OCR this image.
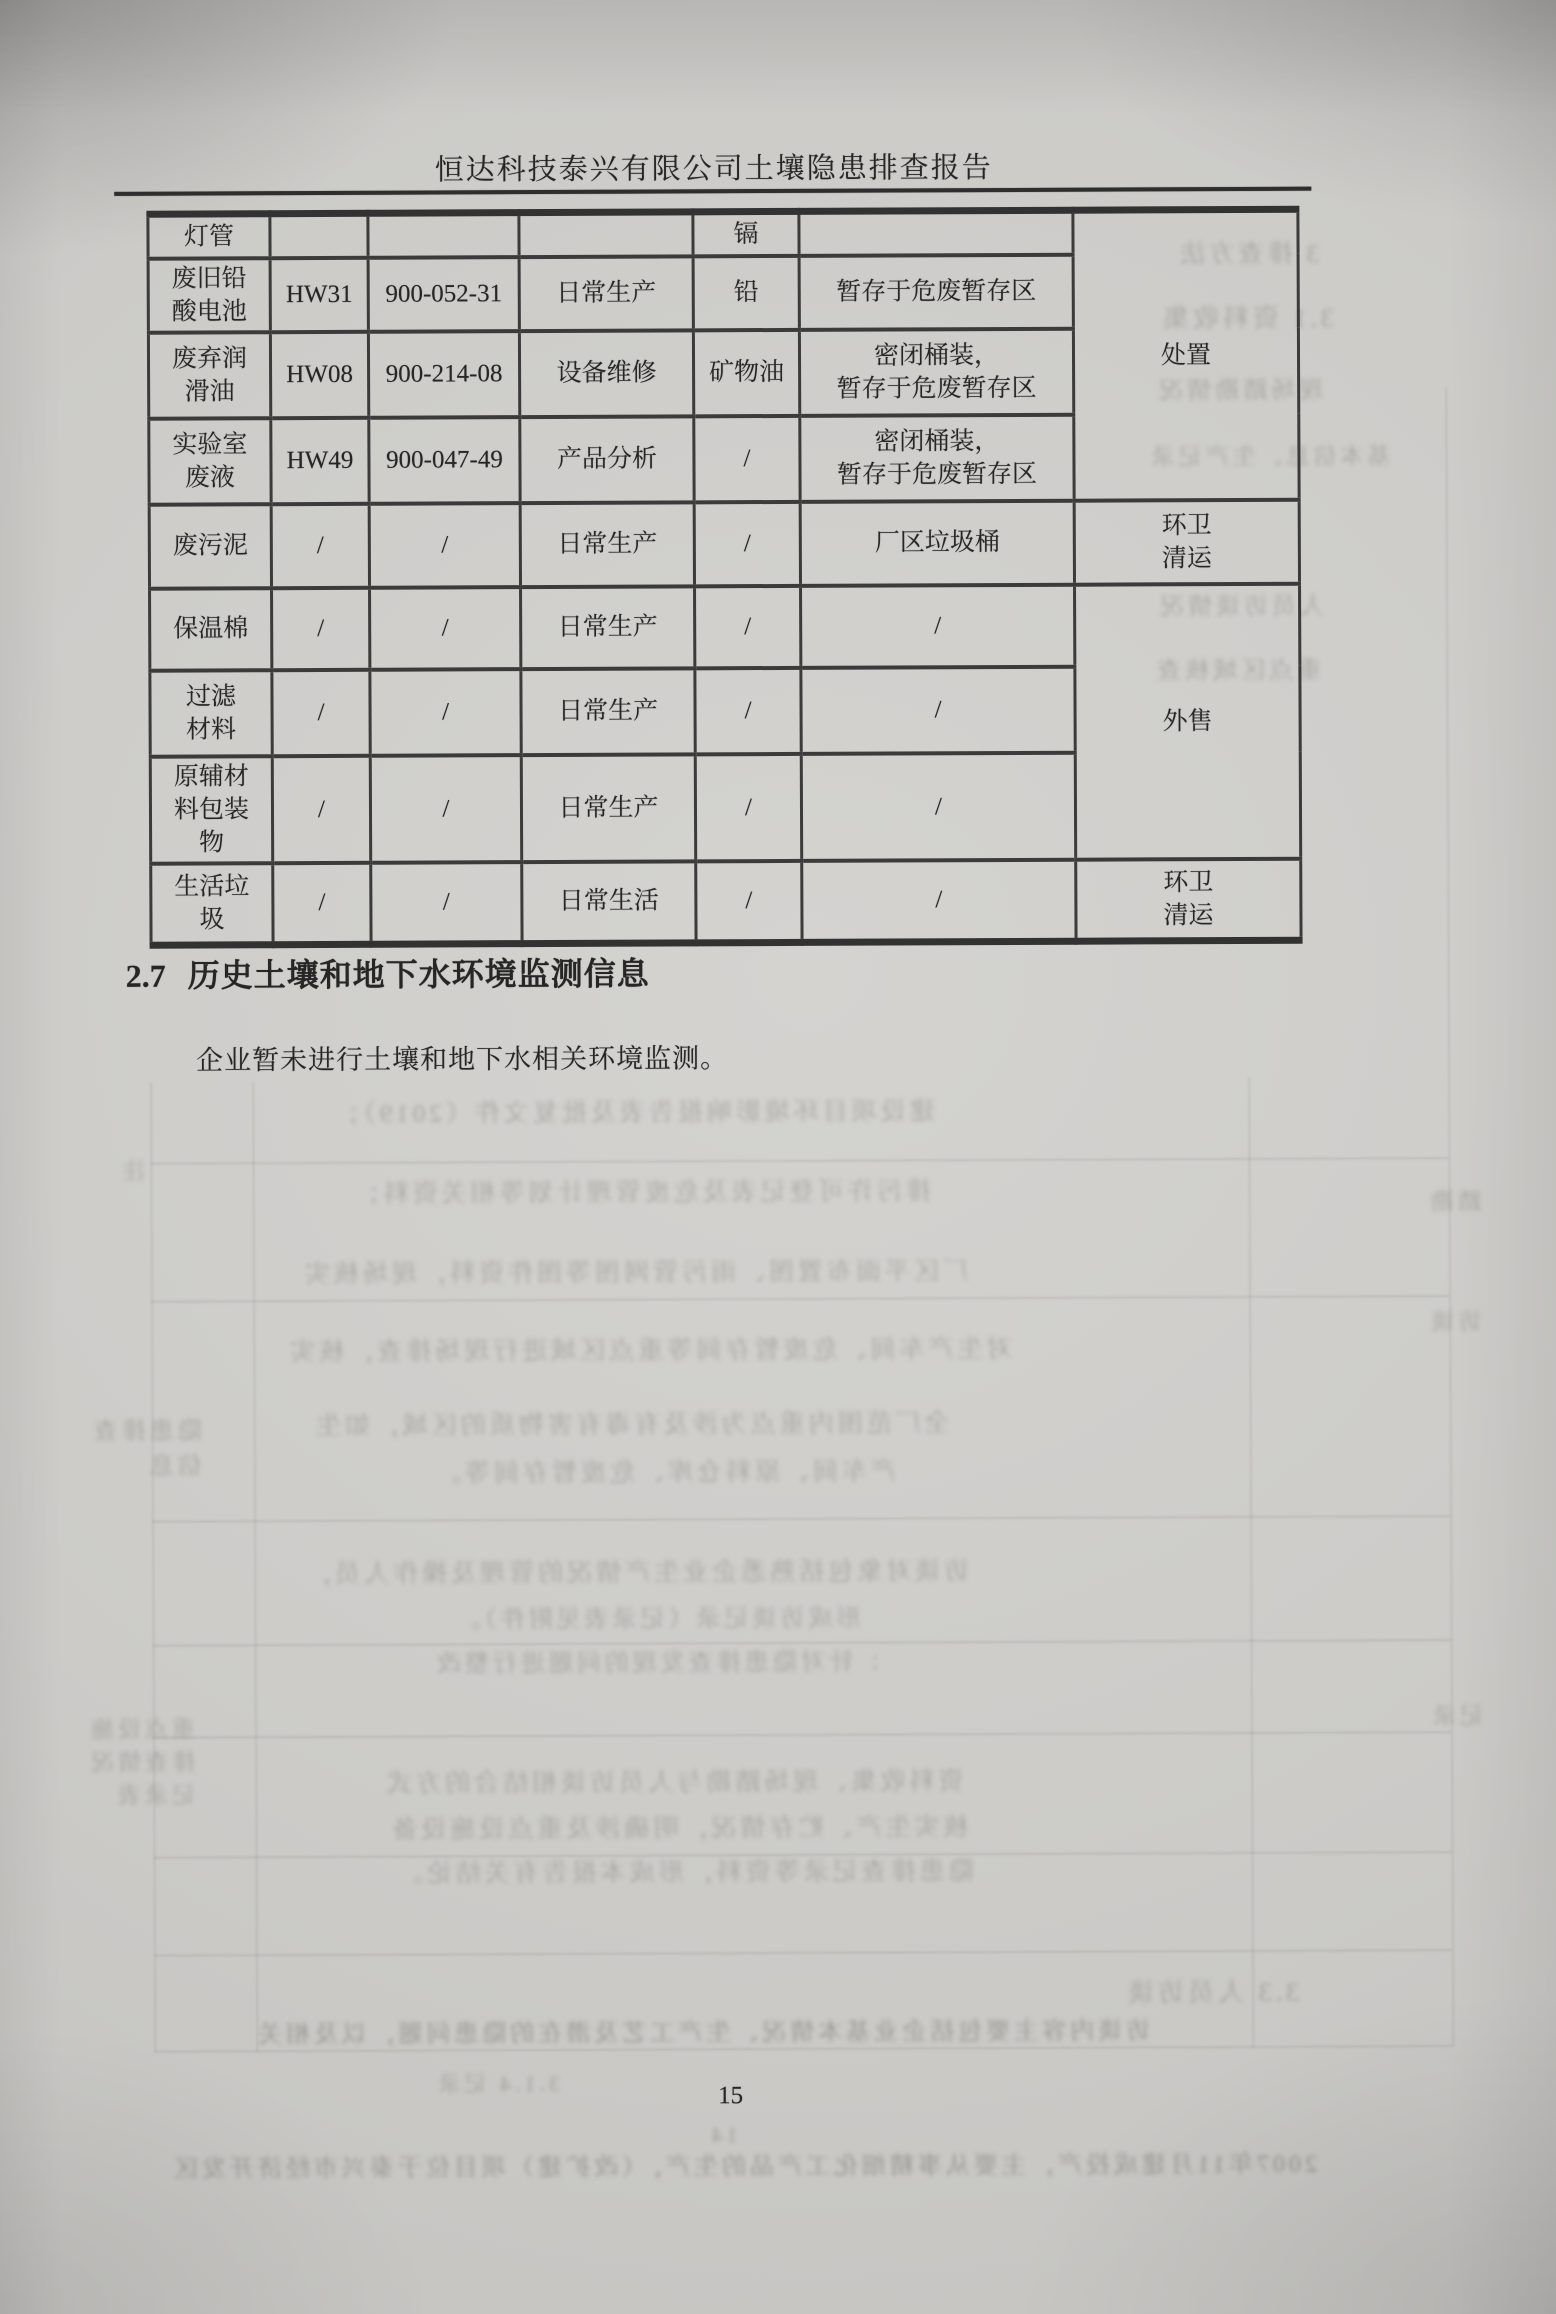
3 排查方法
3.1 资料收集
现场踏勘情况
基本信息、生产记录
人员访谈情况
重点区域核查
建设项目环境影响报告表及批复文件（2019）；
排污许可登记表及危废管理计划等相关资料；
厂区平面布置图、雨污管网图等图件资料，现场核实
对生产车间、危废暂存间等重点区域进行现场排查，核实
全厂范围内重点为涉及有毒有害物质的区域，如生
产车间、原料仓库、危废暂存间等。
访谈对象包括熟悉企业生产情况的管理及操作人员，
形成访谈记录（记录表见附件）。
：针对隐患排查发现的问题进行整改
资料收集、现场踏勘与人员访谈相结合的方式
核实生产、贮存情况，明确涉及重点设施设备
隐患排查记录等资料，形成本报告有关结论。
隐患排查
信息
重点设施
排查情况
记录表
注
踏勘
访谈
记录
3.3 人员访谈
访谈内容主要包括企业基本情况、生产工艺及潜在的隐患问题，以及相关
3.1.4 记录
2007年11月建成投产，主要从事精细化工产品的生产，（改扩建）项目位于泰兴市经济开发区
14
恒达科技泰兴有限公司土壤隐患排查报告
灯管				镉		处置
废旧铅
酸电池	HW31	900-052-31	日常生产	铅	暂存于危废暂存区	
废弃润
滑油	HW08	900-214-08	设备维修	矿物油	密闭桶装，
暂存于危废暂存区	
实验室
废液	HW49	900-047-49	产品分析	/	密闭桶装，
暂存于危废暂存区	
废污泥	/	/	日常生产	/	厂区垃圾桶	环卫
清运
保温棉	/	/	日常生产	/	/	外售
过滤
材料	/	/	日常生产	/	/	
原辅材
料包装
物	/	/	日常生产	/	/	
生活垃
圾	/	/	日常生活	/	/	环卫
清运
2.7 历史土壤和地下水环境监测信息
企业暂未进行土壤和地下水相关环境监测。
15
